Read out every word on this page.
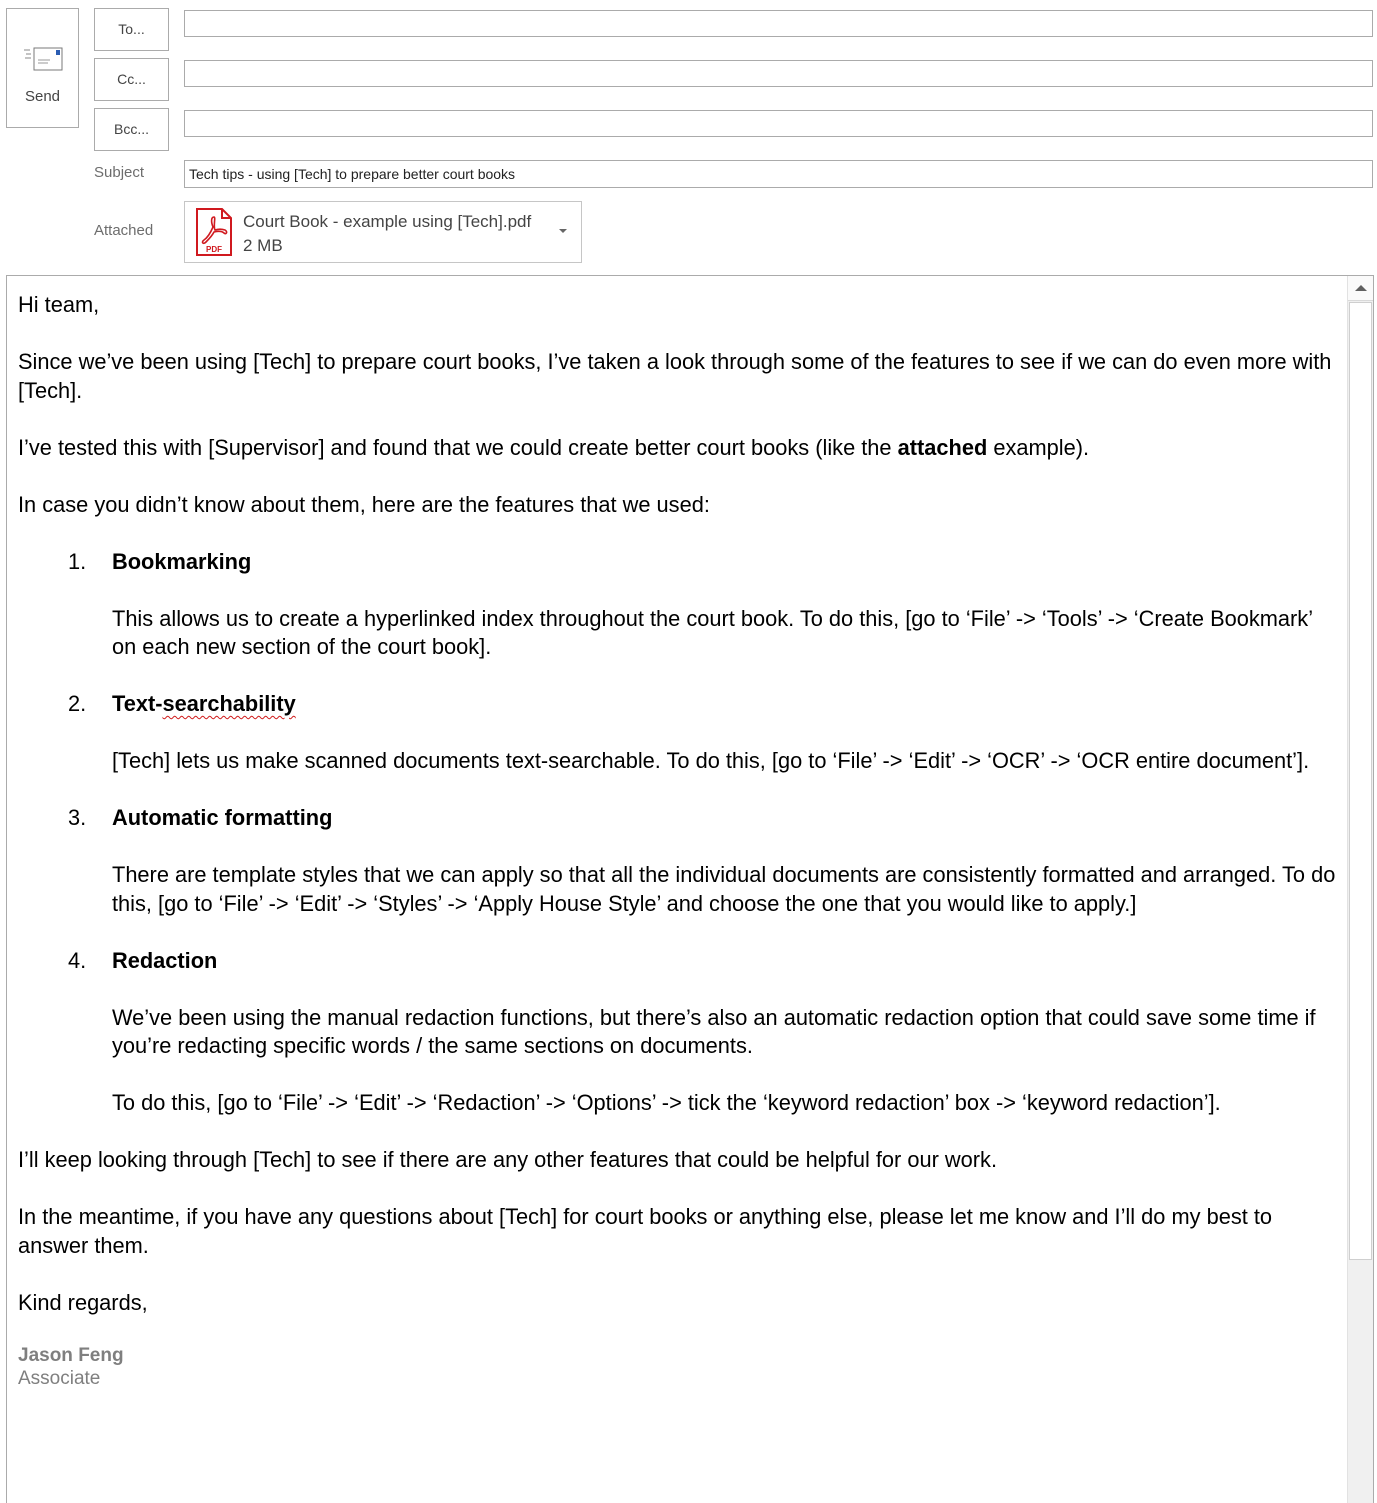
Send
To...
Cc...
Bcc...
Subject	Tech tips - using [Tech] to prepare better court books
Attached
PDF
Court Book - example using [Tech].pdf
2 MB

Hi team,

Since we’ve been using [Tech] to prepare court books, I’ve taken a look through some of the features to see if we can do even more with [Tech].

I’ve tested this with [Supervisor] and found that we could create better court books (like the attached example).

In case you didn’t know about them, here are the features that we used:

1. Bookmarking

This allows us to create a hyperlinked index throughout the court book. To do this, [go to ‘File’ -> ‘Tools’ -> ‘Create Bookmark’ on each new section of the court book].

2. Text-searchability

[Tech] lets us make scanned documents text-searchable. To do this, [go to ‘File’ -> ‘Edit’ -> ‘OCR’ -> ‘OCR entire document’].

3. Automatic formatting

There are template styles that we can apply so that all the individual documents are consistently formatted and arranged. To do this, [go to ‘File’ -> ‘Edit’ -> ‘Styles’ -> ‘Apply House Style’ and choose the one that you would like to apply.]

4. Redaction

We’ve been using the manual redaction functions, but there’s also an automatic redaction option that could save some time if you’re redacting specific words / the same sections on documents.

To do this, [go to ‘File’ -> ‘Edit’ -> ‘Redaction’ -> ‘Options’ -> tick the ‘keyword redaction’ box -> ‘keyword redaction’].

I’ll keep looking through [Tech] to see if there are any other features that could be helpful for our work.

In the meantime, if you have any questions about [Tech] for court books or anything else, please let me know and I’ll do my best to answer them.

Kind regards,

Jason Feng
Associate
